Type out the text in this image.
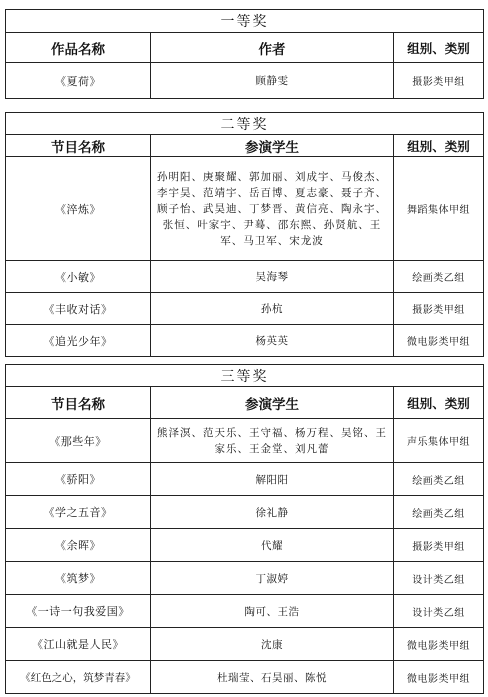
一等奖		
作品名称	作者	组别、类别
《夏荷》	顾静雯	摄影类甲组
二等奖		
节目名称	参演学生	组别、类别
《淬炼》	孙明阳、庚聚耀、郭加丽、刘成宇、马俊杰、李宇昊、范靖宇、岳百博、夏志豪、聂子齐、顾子怡、武昊迪、丁梦晋、黄信亮、陶永宇、张恒、叶家宇、尹蓦、邵东熙、孙贤航、王军、马卫军、宋龙波	舞蹈集体甲组
《小敏》	吴海琴	绘画类乙组
《丰收对话》	孙杭	摄影类甲组
《追光少年》	杨英英	微电影类甲组
三等奖		
节目名称	参演学生	组别、类别
《那些年》	熊泽溟、范天乐、王守福、杨万程、吴铭、王家乐、王金堂、刘凡蕾	声乐集体甲组
《骄阳》	解阳阳	绘画类乙组
《学之五音》	徐礼静	绘画类乙组
《余晖》	代耀	摄影类甲组
《筑梦》	丁淑婷	设计类乙组
《一诗一句我爱国》	陶可、王浩	设计类乙组
《江山就是人民》	沈康	微电影类甲组
《红色之心，筑梦青春》	杜瑞莹、石昊丽、陈悦	微电影类甲组
